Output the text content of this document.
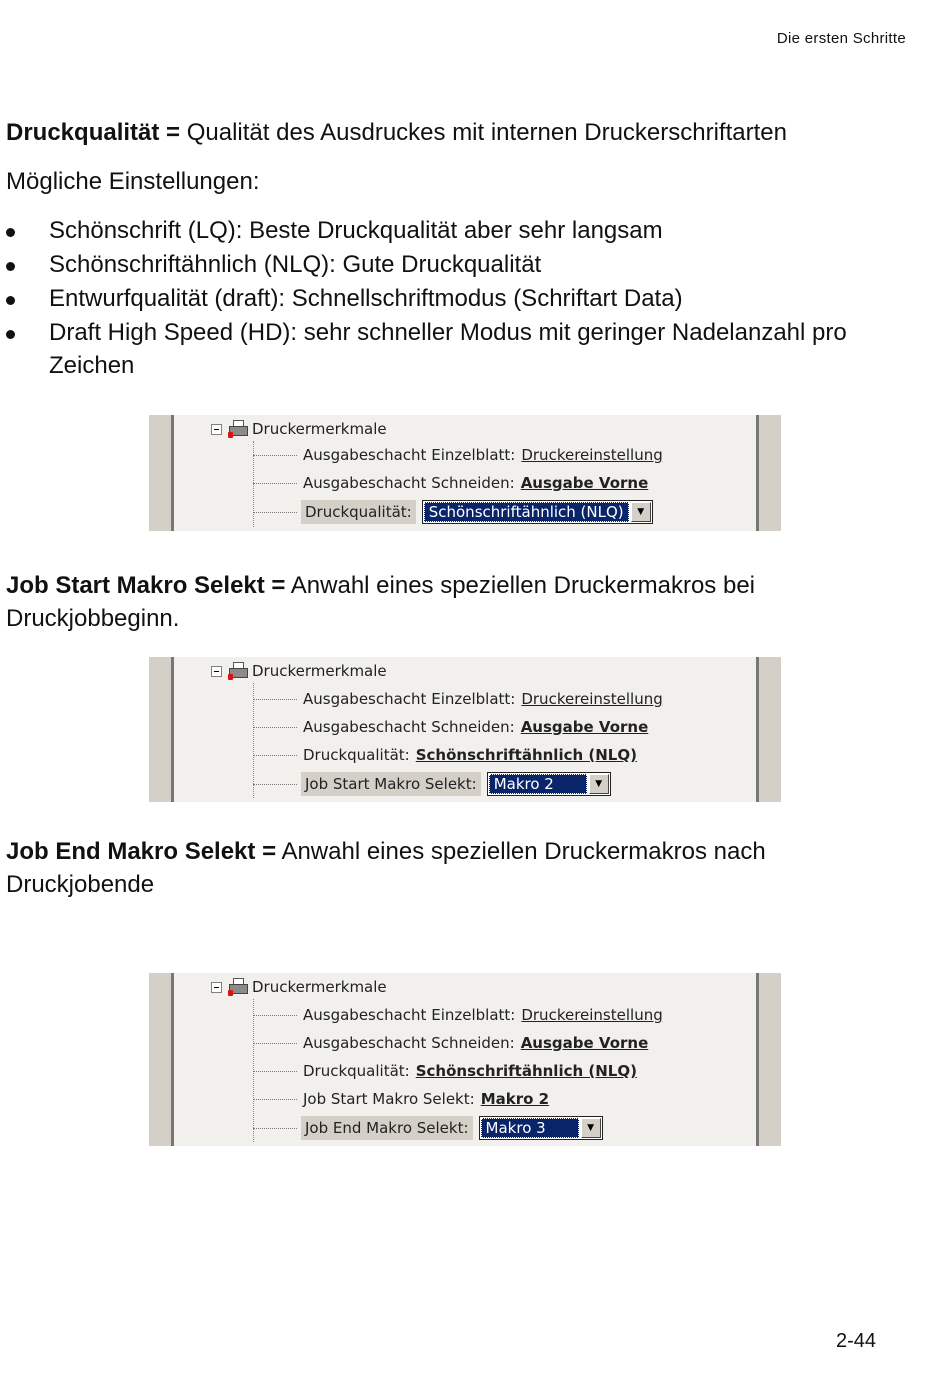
Die ersten Schritte
Druckqualität = Qualität des Ausdruckes mit internen Druckerschriftarten
Mögliche Einstellungen:
Schönschrift (LQ): Beste Druckqualität aber sehr langsam
Schönschriftähnlich (NLQ): Gute Druckqualität
Entwurfqualität (draft): Schnellschriftmodus (Schriftart Data)
Draft High Speed (HD): sehr schneller Modus mit geringer Nadelanzahl pro Zeichen
Druckermerkmale
Ausgabeschacht Einzelblatt: Druckereinstellung
Ausgabeschacht Schneiden: Ausgabe Vorne
Druckqualität:	Schönschriftähnlich (NLQ)	▼
Job Start Makro Selekt = Anwahl eines speziellen Druckermakros bei Druckjobbeginn.
Druckermerkmale
Ausgabeschacht Einzelblatt: Druckereinstellung
Ausgabeschacht Schneiden: Ausgabe Vorne
Druckqualität: Schönschriftähnlich (NLQ)
Job Start Makro Selekt:	Makro 2	▼
Job End Makro Selekt = Anwahl eines speziellen Druckermakros nach Druckjobende
Druckermerkmale
Ausgabeschacht Einzelblatt: Druckereinstellung
Ausgabeschacht Schneiden: Ausgabe Vorne
Druckqualität: Schönschriftähnlich (NLQ)
Job Start Makro Selekt: Makro 2
Job End Makro Selekt:	Makro 3	▼
2-44
